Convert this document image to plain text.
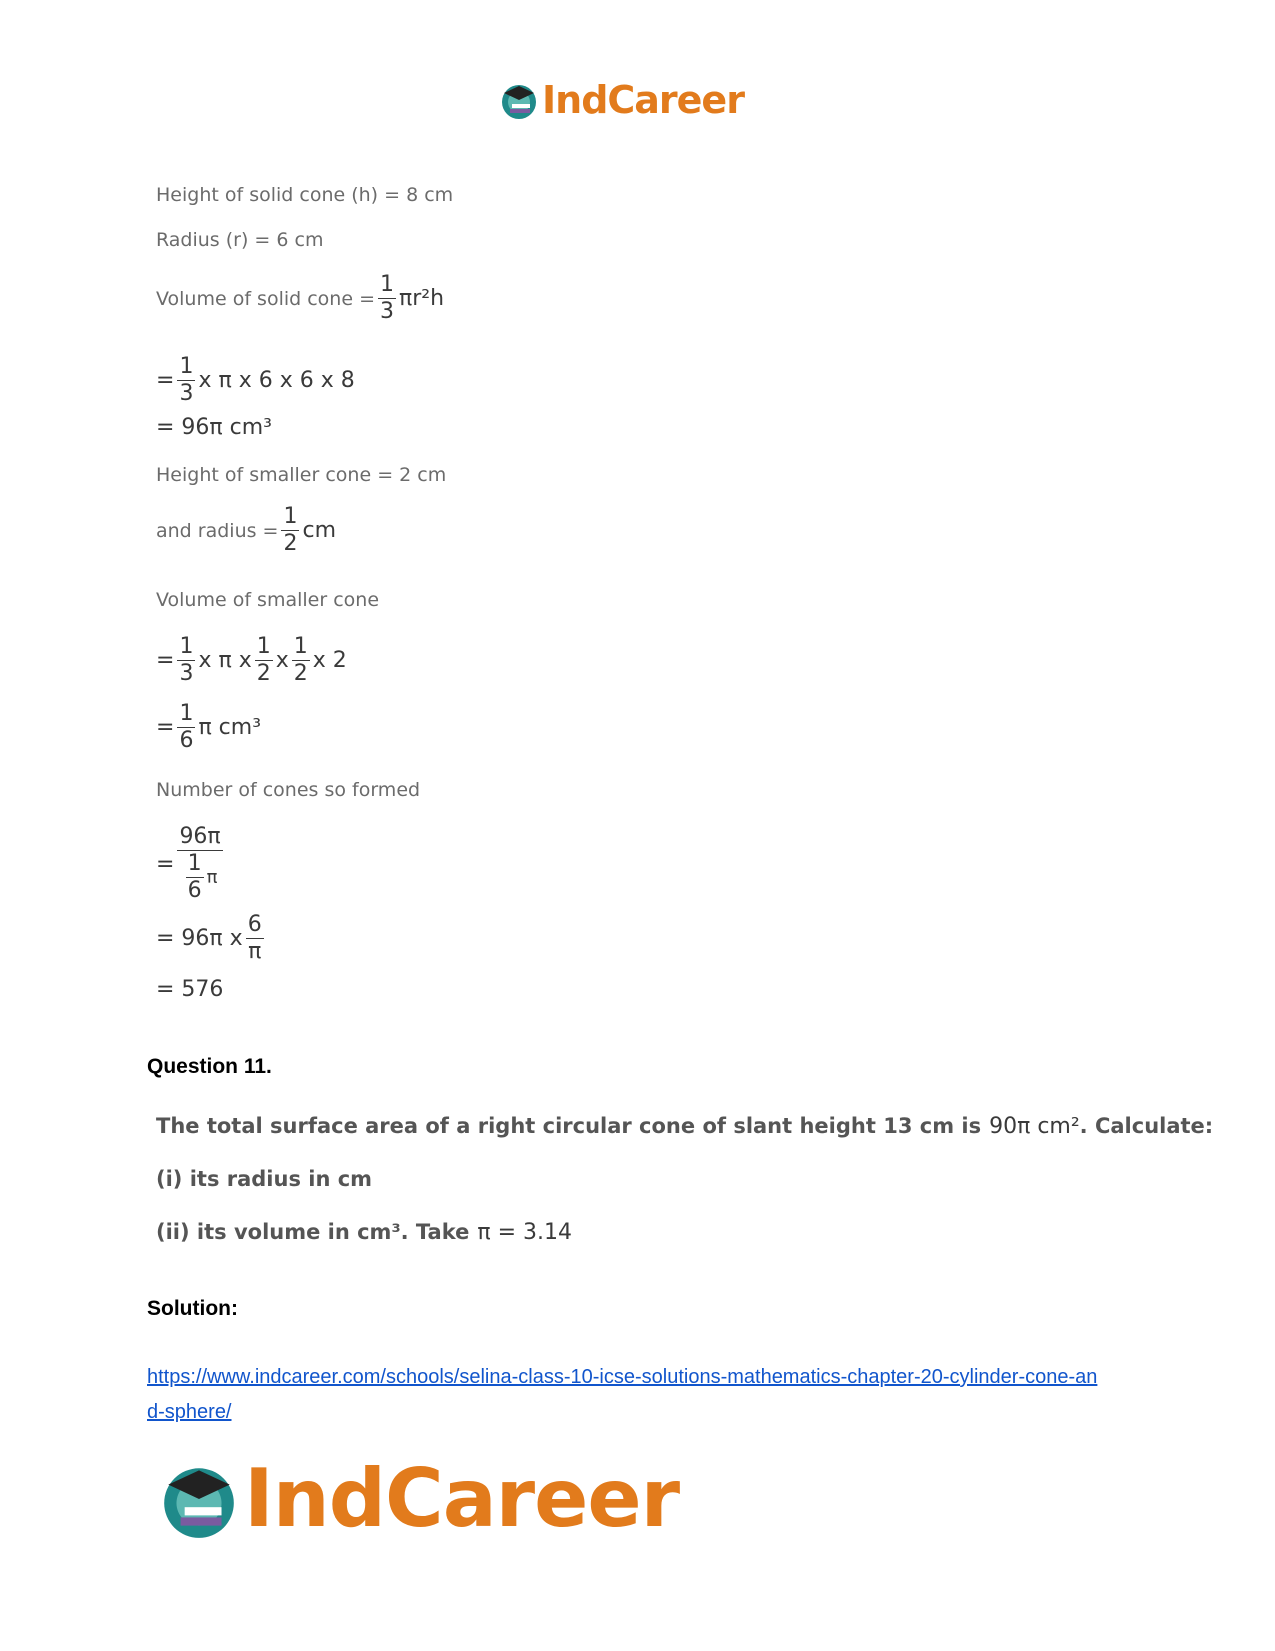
IndCareer
Height of solid cone (h) = 8 cm
Radius (r) = 6 cm
Volume of solid cone = $\frac{1}{3} \pi r^2h$
= $\frac{1}{3}$ x π x 6 x 6 x 8
= 96π cm³
Height of smaller cone = 2 cm
and radius = $\frac{1}{2}$ cm
Volume of smaller cone
= $\frac{1}{3}$ x π x $\frac{1}{2}$ x $\frac{1}{2}$ x 2
= $\frac{1}{6}$ π cm³
Number of cones so formed
= $\frac{96\pi}{\frac{1}{6} \pi}$
= 96π x $\frac{6}{\pi}$
= 576
Question 11.
The total surface area of a right circular cone of slant height 13 cm is 90π cm² . Calculate:
(i) its radius in cm
(ii) its volume in cm³. Take π = 3.14
Solution:
https://www.indcareer.com/schools/selina-class-10-icse-solutions-mathematics-chapter-20-cylinder-cone-and-sphere/
IndCareer
